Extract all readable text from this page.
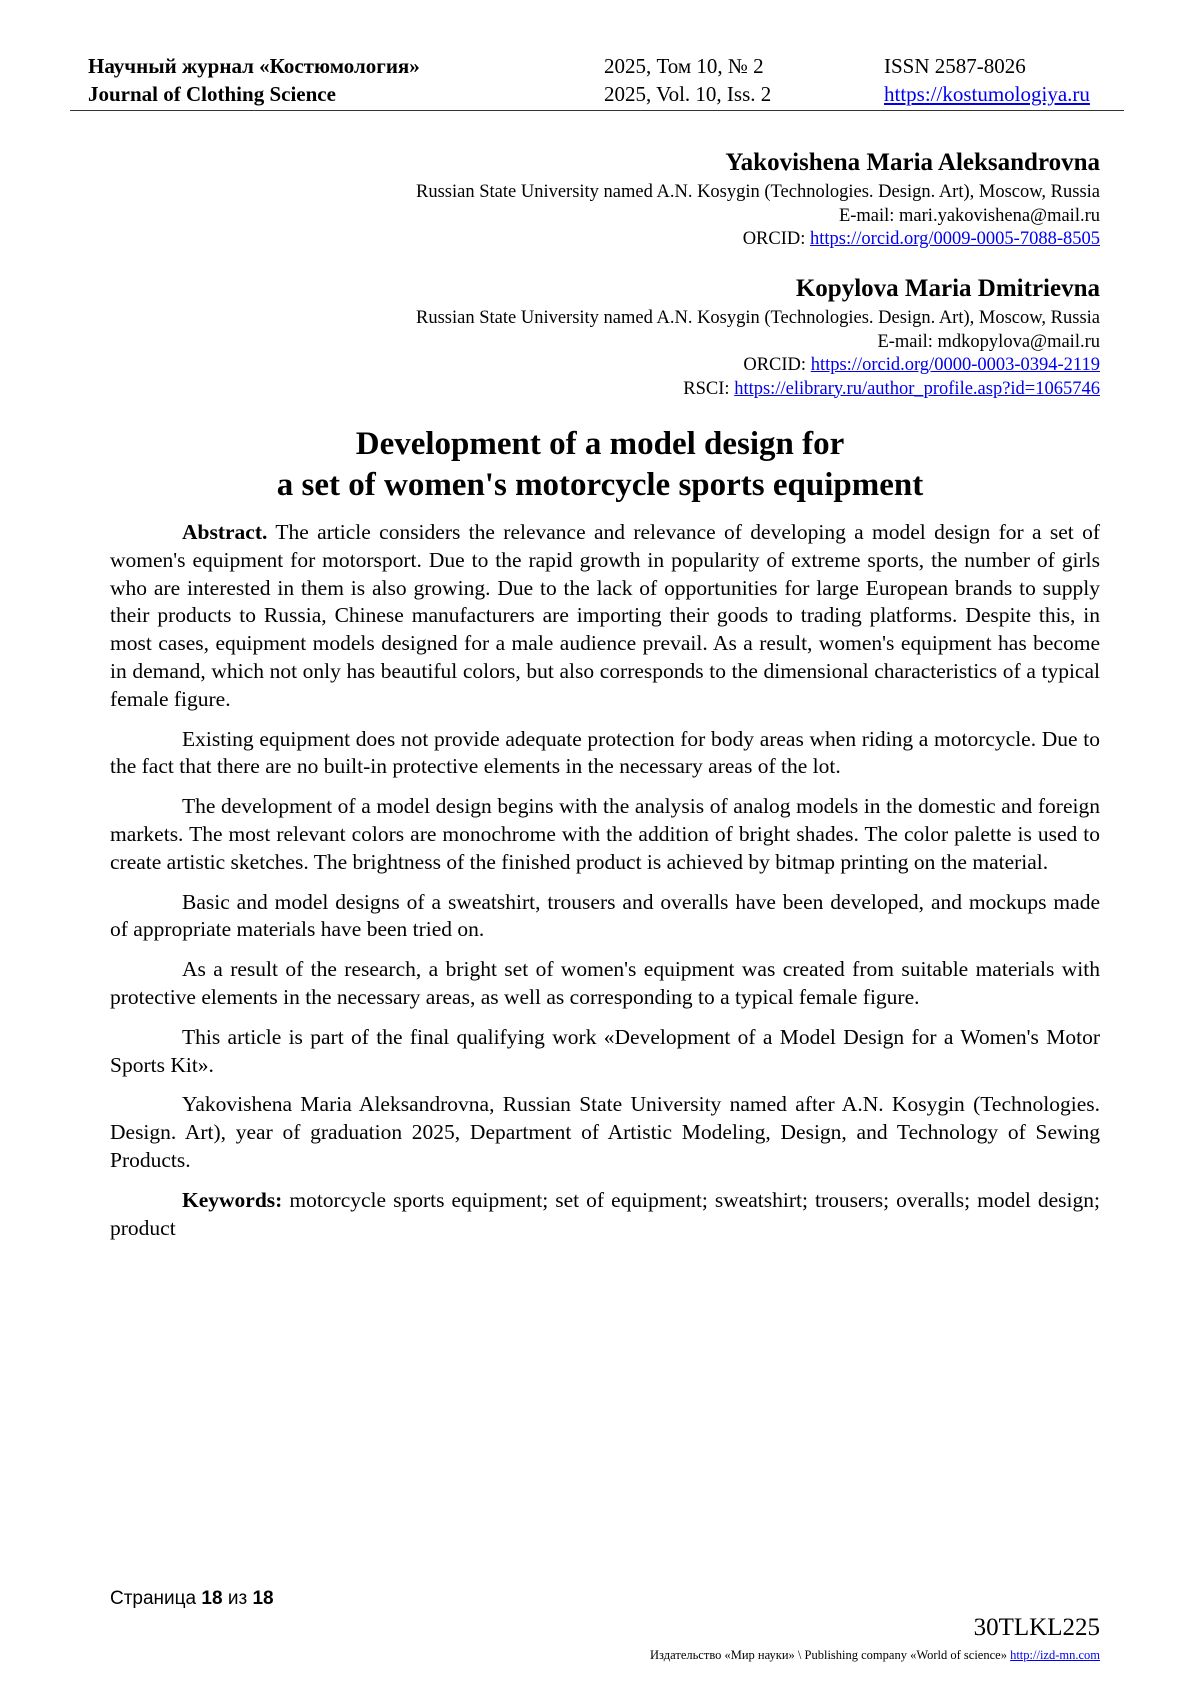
Научный журнал «Костюмология»
Journal of Clothing Science
2025, Том 10, № 2
2025, Vol. 10, Iss. 2
ISSN 2587-8026
https://kostumologiya.ru
Yakovishena Maria Aleksandrovna
Russian State University named A.N. Kosygin (Technologies. Design. Art), Moscow, Russia
E-mail: mari.yakovishena@mail.ru
ORCID: https://orcid.org/0009-0005-7088-8505
Kopylova Maria Dmitrievna
Russian State University named A.N. Kosygin (Technologies. Design. Art), Moscow, Russia
E-mail: mdkopylova@mail.ru
ORCID: https://orcid.org/0000-0003-0394-2119
RSCI: https://elibrary.ru/author_profile.asp?id=1065746
Development of a model design for
a set of women's motorcycle sports equipment

Abstract. The article considers the relevance and relevance of developing a model design for a set of women's equipment for motorsport. Due to the rapid growth in popularity of extreme sports, the number of girls who are interested in them is also growing. Due to the lack of opportunities for large European brands to supply their products to Russia, Chinese manufacturers are importing their goods to trading platforms. Despite this, in most cases, equipment models designed for a male audience prevail. As a result, women's equipment has become in demand, which not only has beautiful colors, but also corresponds to the dimensional characteristics of a typical female figure.

Existing equipment does not provide adequate protection for body areas when riding a motorcycle. Due to the fact that there are no built-in protective elements in the necessary areas of the lot.

The development of a model design begins with the analysis of analog models in the domestic and foreign markets. The most relevant colors are monochrome with the addition of bright shades. The color palette is used to create artistic sketches. The brightness of the finished product is achieved by bitmap printing on the material.

Basic and model designs of a sweatshirt, trousers and overalls have been developed, and mockups made of appropriate materials have been tried on.

As a result of the research, a bright set of women's equipment was created from suitable materials with protective elements in the necessary areas, as well as corresponding to a typical female figure.

This article is part of the final qualifying work «Development of a Model Design for a Women's Motor Sports Kit».

Yakovishena Maria Aleksandrovna, Russian State University named after A.N. Kosygin (Technologies. Design. Art), year of graduation 2025, Department of Artistic Modeling, Design, and Technology of Sewing Products.

Keywords: motorcycle sports equipment; set of equipment; sweatshirt; trousers; overalls; model design; product

Страница 18 из 18
30TLKL225
Издательство «Мир науки» \ Publishing company «World of science» http://izd-mn.com
